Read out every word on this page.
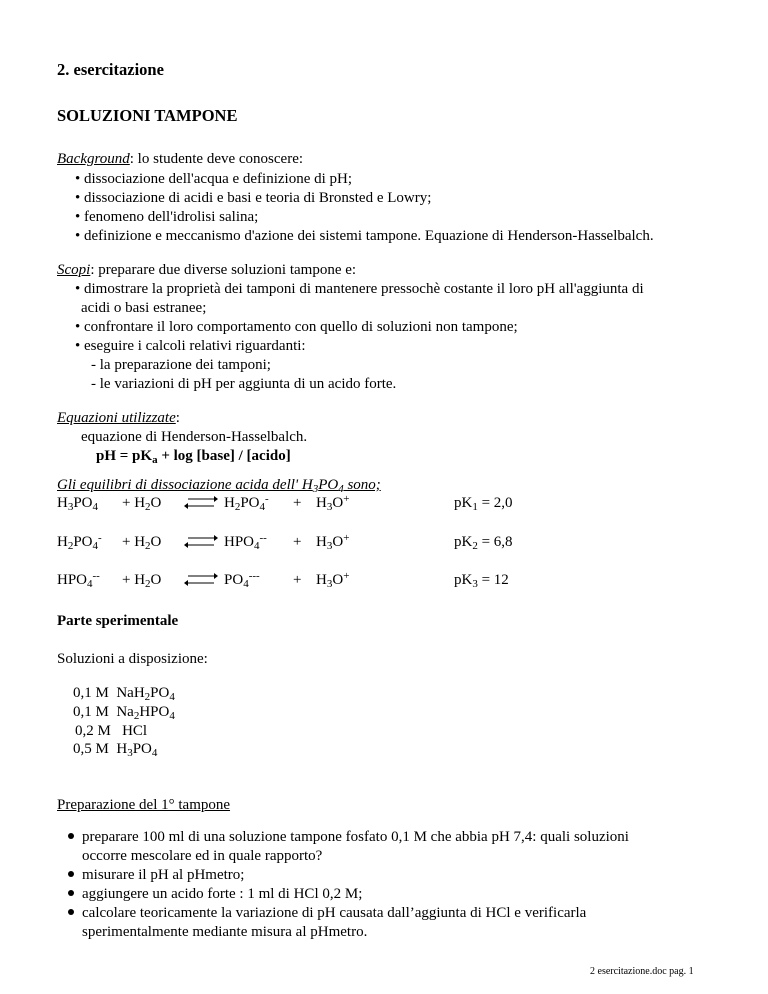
2. esercitazione
SOLUZIONI TAMPONE
Background: lo studente deve conoscere:
• dissociazione dell'acqua e definizione di pH;
• dissociazione di acidi e basi e teoria di Bronsted e Lowry;
• fenomeno dell'idrolisi salina;
• definizione e meccanismo d'azione dei sistemi tampone. Equazione di Henderson-Hasselbalch.
Scopi: preparare due diverse soluzioni tampone e:
• dimostrare la proprietà dei tamponi di mantenere pressochè costante il loro pH all'aggiunta di
acidi o basi estranee;
• confrontare il loro comportamento con quello di soluzioni non tampone;
• eseguire i calcoli relativi riguardanti:
- la preparazione dei tamponi;
- le variazioni di pH per aggiunta di un acido forte.
Equazioni utilizzate:
equazione di Henderson-Hasselbalch.
pH = $pK_a + \log$ [base] / [acido]
Gli equilibri di dissociazione acida dell' $H_3PO_4$ sono;
$H_3PO_4 + H_2O$ ⇌ $H_2PO_4^- + H_3O^+$	$pK_1 = 2,0$
$H_2PO_4^- + H_2O$ ⇌ $HPO_4^{--} + H_3O^+$	$pK_2 = 6,8$
$HPO_4^{--} + H_2O$ ⇌ $PO_4^{---} + H_3O^+$	$pK_3 = 12$
Parte sperimentale
Soluzioni a disposizione:
0,1 M  $NaH_2PO_4$
0,1 M  $Na_2HPO_4$
0,2 M   HCl
0,5 M  $H_3PO_4$
Preparazione del 1° tampone
preparare 100 ml di una soluzione tampone fosfato 0,1 M che abbia pH 7,4: quali soluzioni
occorre mescolare ed in quale rapporto?
misurare il pH al pHmetro;
aggiungere un acido forte : 1 ml di HCl 0,2 M;
calcolare teoricamente la variazione di pH causata dall’aggiunta di HCl e verificarla
sperimentalmente mediante misura al pHmetro.
2 esercitazione.doc pag. 1
